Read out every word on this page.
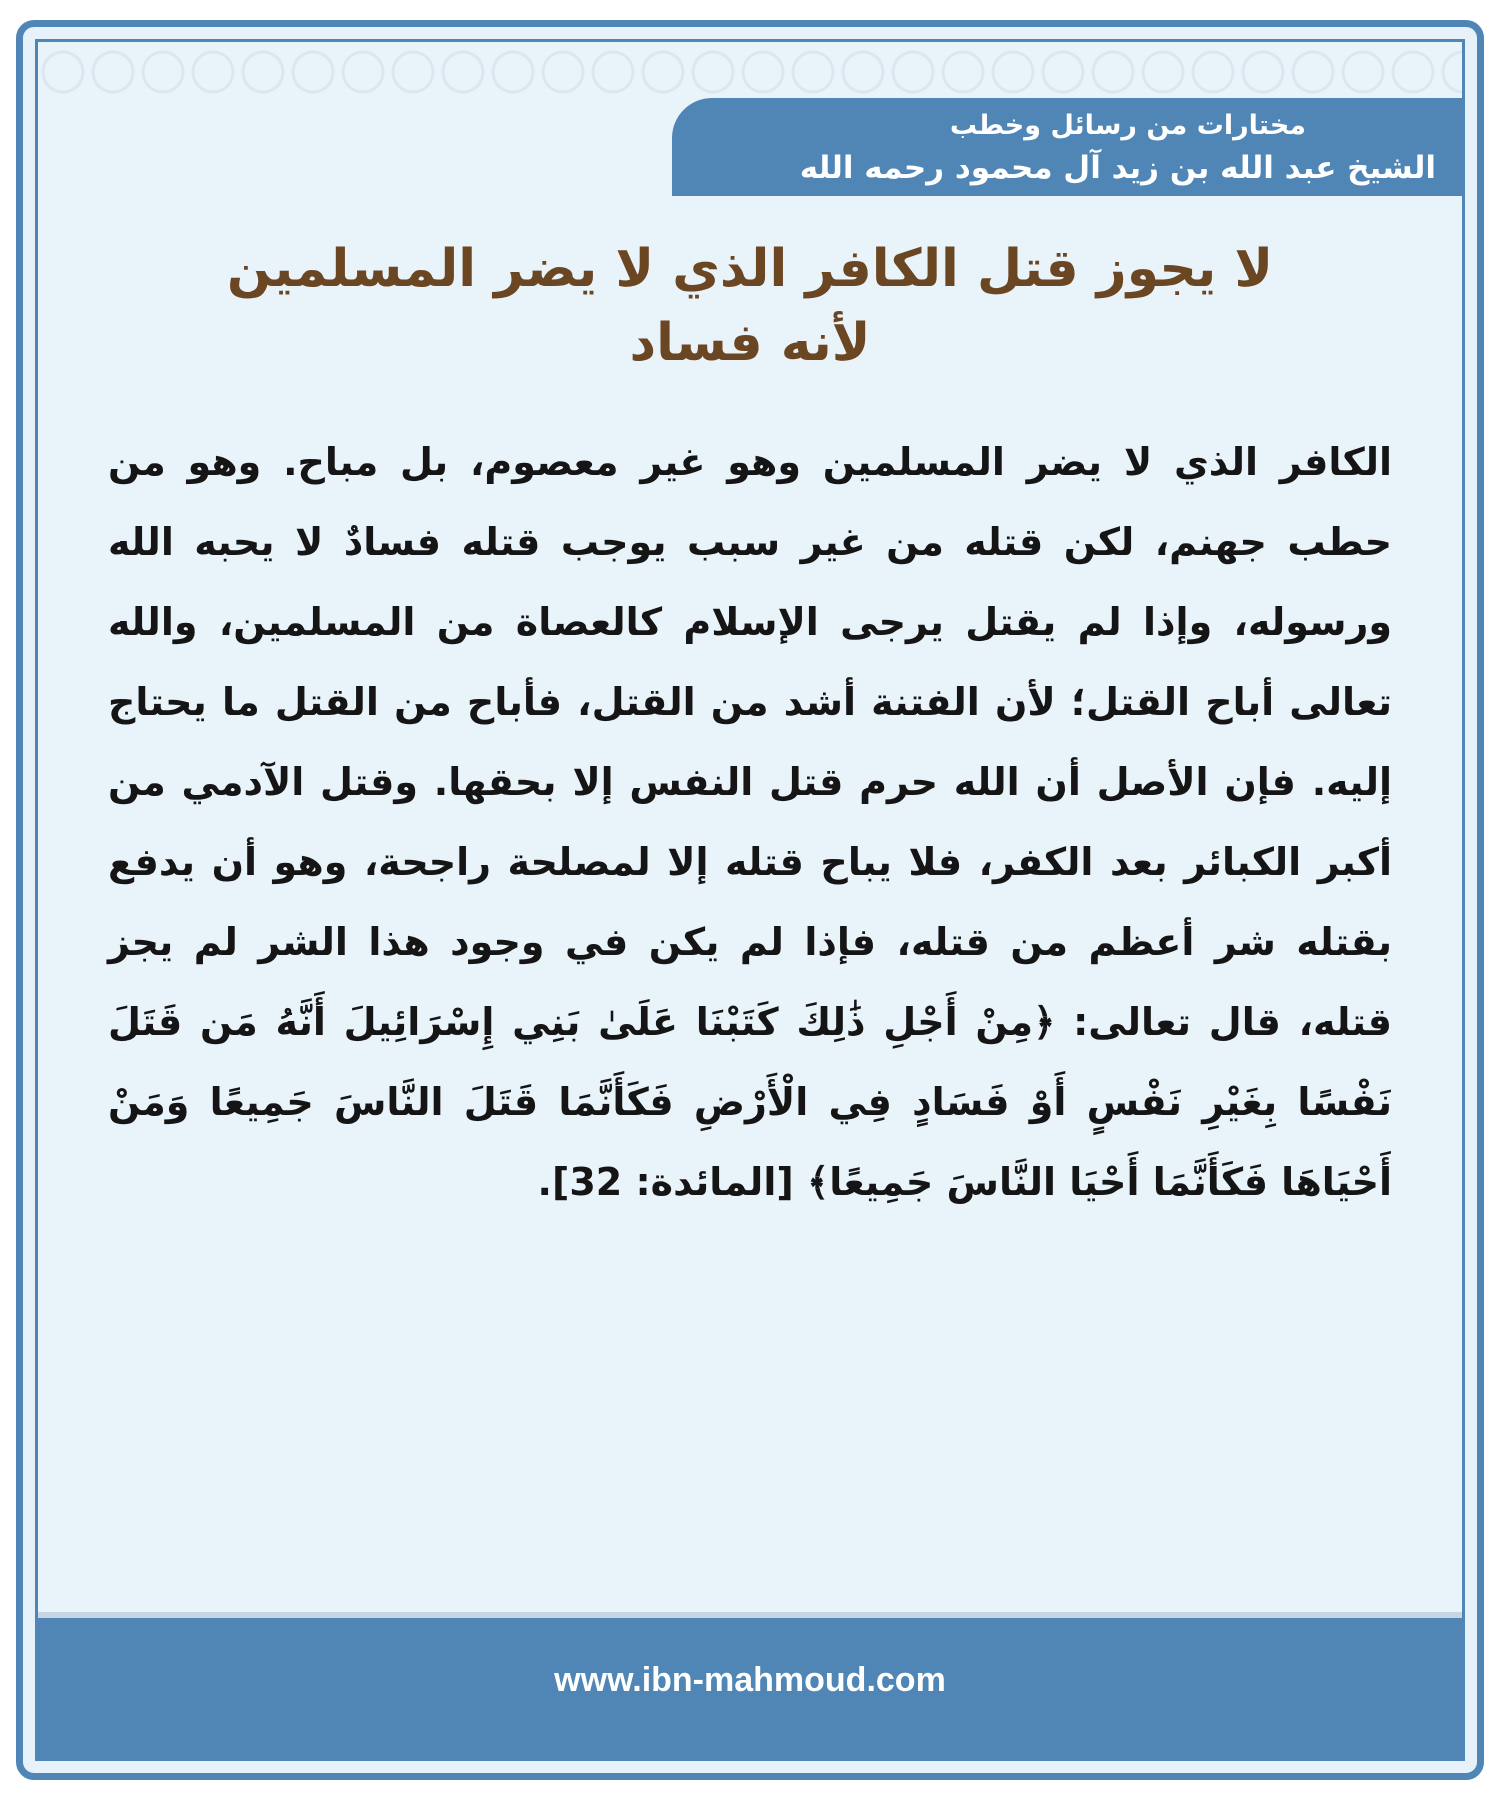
مختارات من رسائل وخطب
الشيخ عبد الله بن زيد آل محمود رحمه الله
لا يجوز قتل الكافر الذي لا يضر المسلمين
لأنه فساد
الكافر الذي لا يضر المسلمين وهو غير معصوم، بل مباح. وهو من حطب جهنم، لكن قتله من غير سبب يوجب قتله فسادٌ لا يحبه الله ورسوله، وإذا لم يقتل يرجى الإسلام كالعصاة من المسلمين، والله تعالى أباح القتل؛ لأن الفتنة أشد من القتل، فأباح من القتل ما يحتاج إليه. فإن الأصل أن الله حرم قتل النفس إلا بحقها. وقتل الآدمي من أكبر الكبائر بعد الكفر، فلا يباح قتله إلا لمصلحة راجحة، وهو أن يدفع بقتله شر أعظم من قتله، فإذا لم يكن في وجود هذا الشر لم يجز قتله، قال تعالى: ﴿مِنْ أَجْلِ ذَٰلِكَ كَتَبْنَا عَلَىٰ بَنِي إِسْرَائِيلَ أَنَّهُ مَن قَتَلَ نَفْسًا بِغَيْرِ نَفْسٍ أَوْ فَسَادٍ فِي الْأَرْضِ فَكَأَنَّمَا قَتَلَ النَّاسَ جَمِيعًا وَمَنْ أَحْيَاهَا فَكَأَنَّمَا أَحْيَا النَّاسَ جَمِيعًا﴾ [المائدة: 32].
www.ibn-mahmoud.com
